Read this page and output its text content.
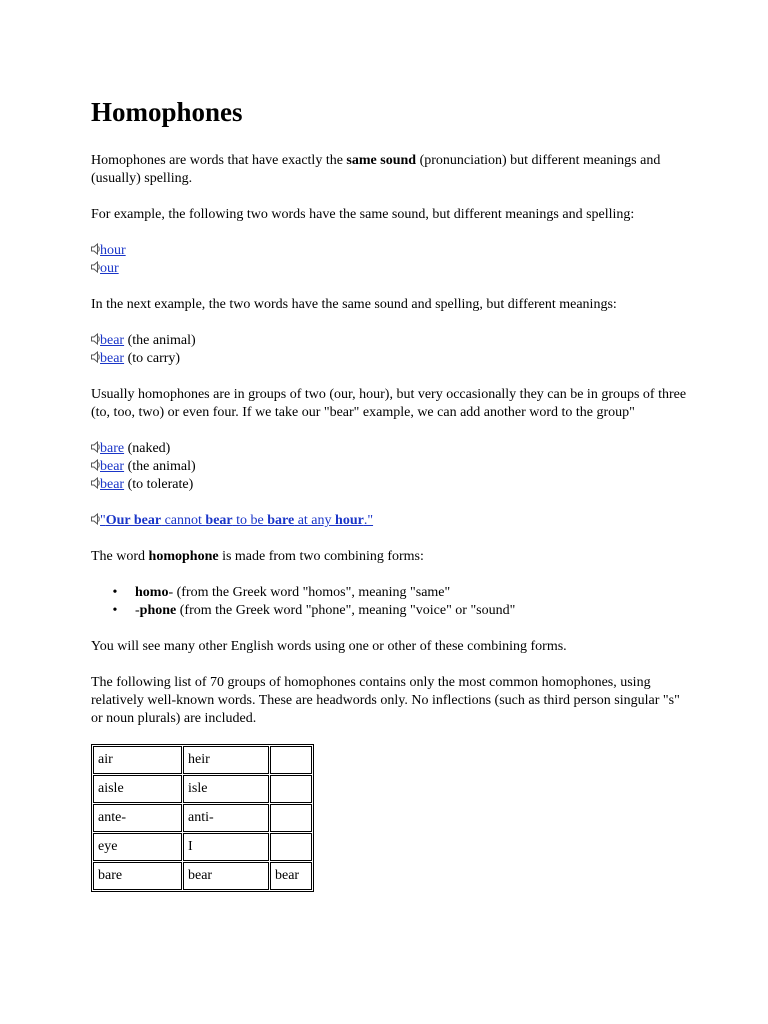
Homophones

Homophones are words that have exactly the same sound (pronunciation) but different meanings and (usually) spelling.

For example, the following two words have the same sound, but different meanings and spelling:

hour
our

In the next example, the two words have the same sound and spelling, but different meanings:

bear (the animal)
bear (to carry)

Usually homophones are in groups of two (our, hour), but very occasionally they can be in groups of three (to, too, two) or even four. If we take our "bear" example, we can add another word to the group"

bare (naked)
bear (the animal)
bear (to tolerate)
"Our bear cannot bear to be bare at any hour."

The word homophone is made from two combining forms:

• homo- (from the Greek word "homos", meaning "same"
• -phone (from the Greek word "phone", meaning "voice" or "sound"

You will see many other English words using one or other of these combining forms.

The following list of 70 groups of homophones contains only the most common homophones, using relatively well-known words. These are headwords only. No inflections (such as third person singular "s" or noun plurals) are included.

air	heir	
aisle	isle	
ante-	anti-	
eye	I	
bare	bear	bear
